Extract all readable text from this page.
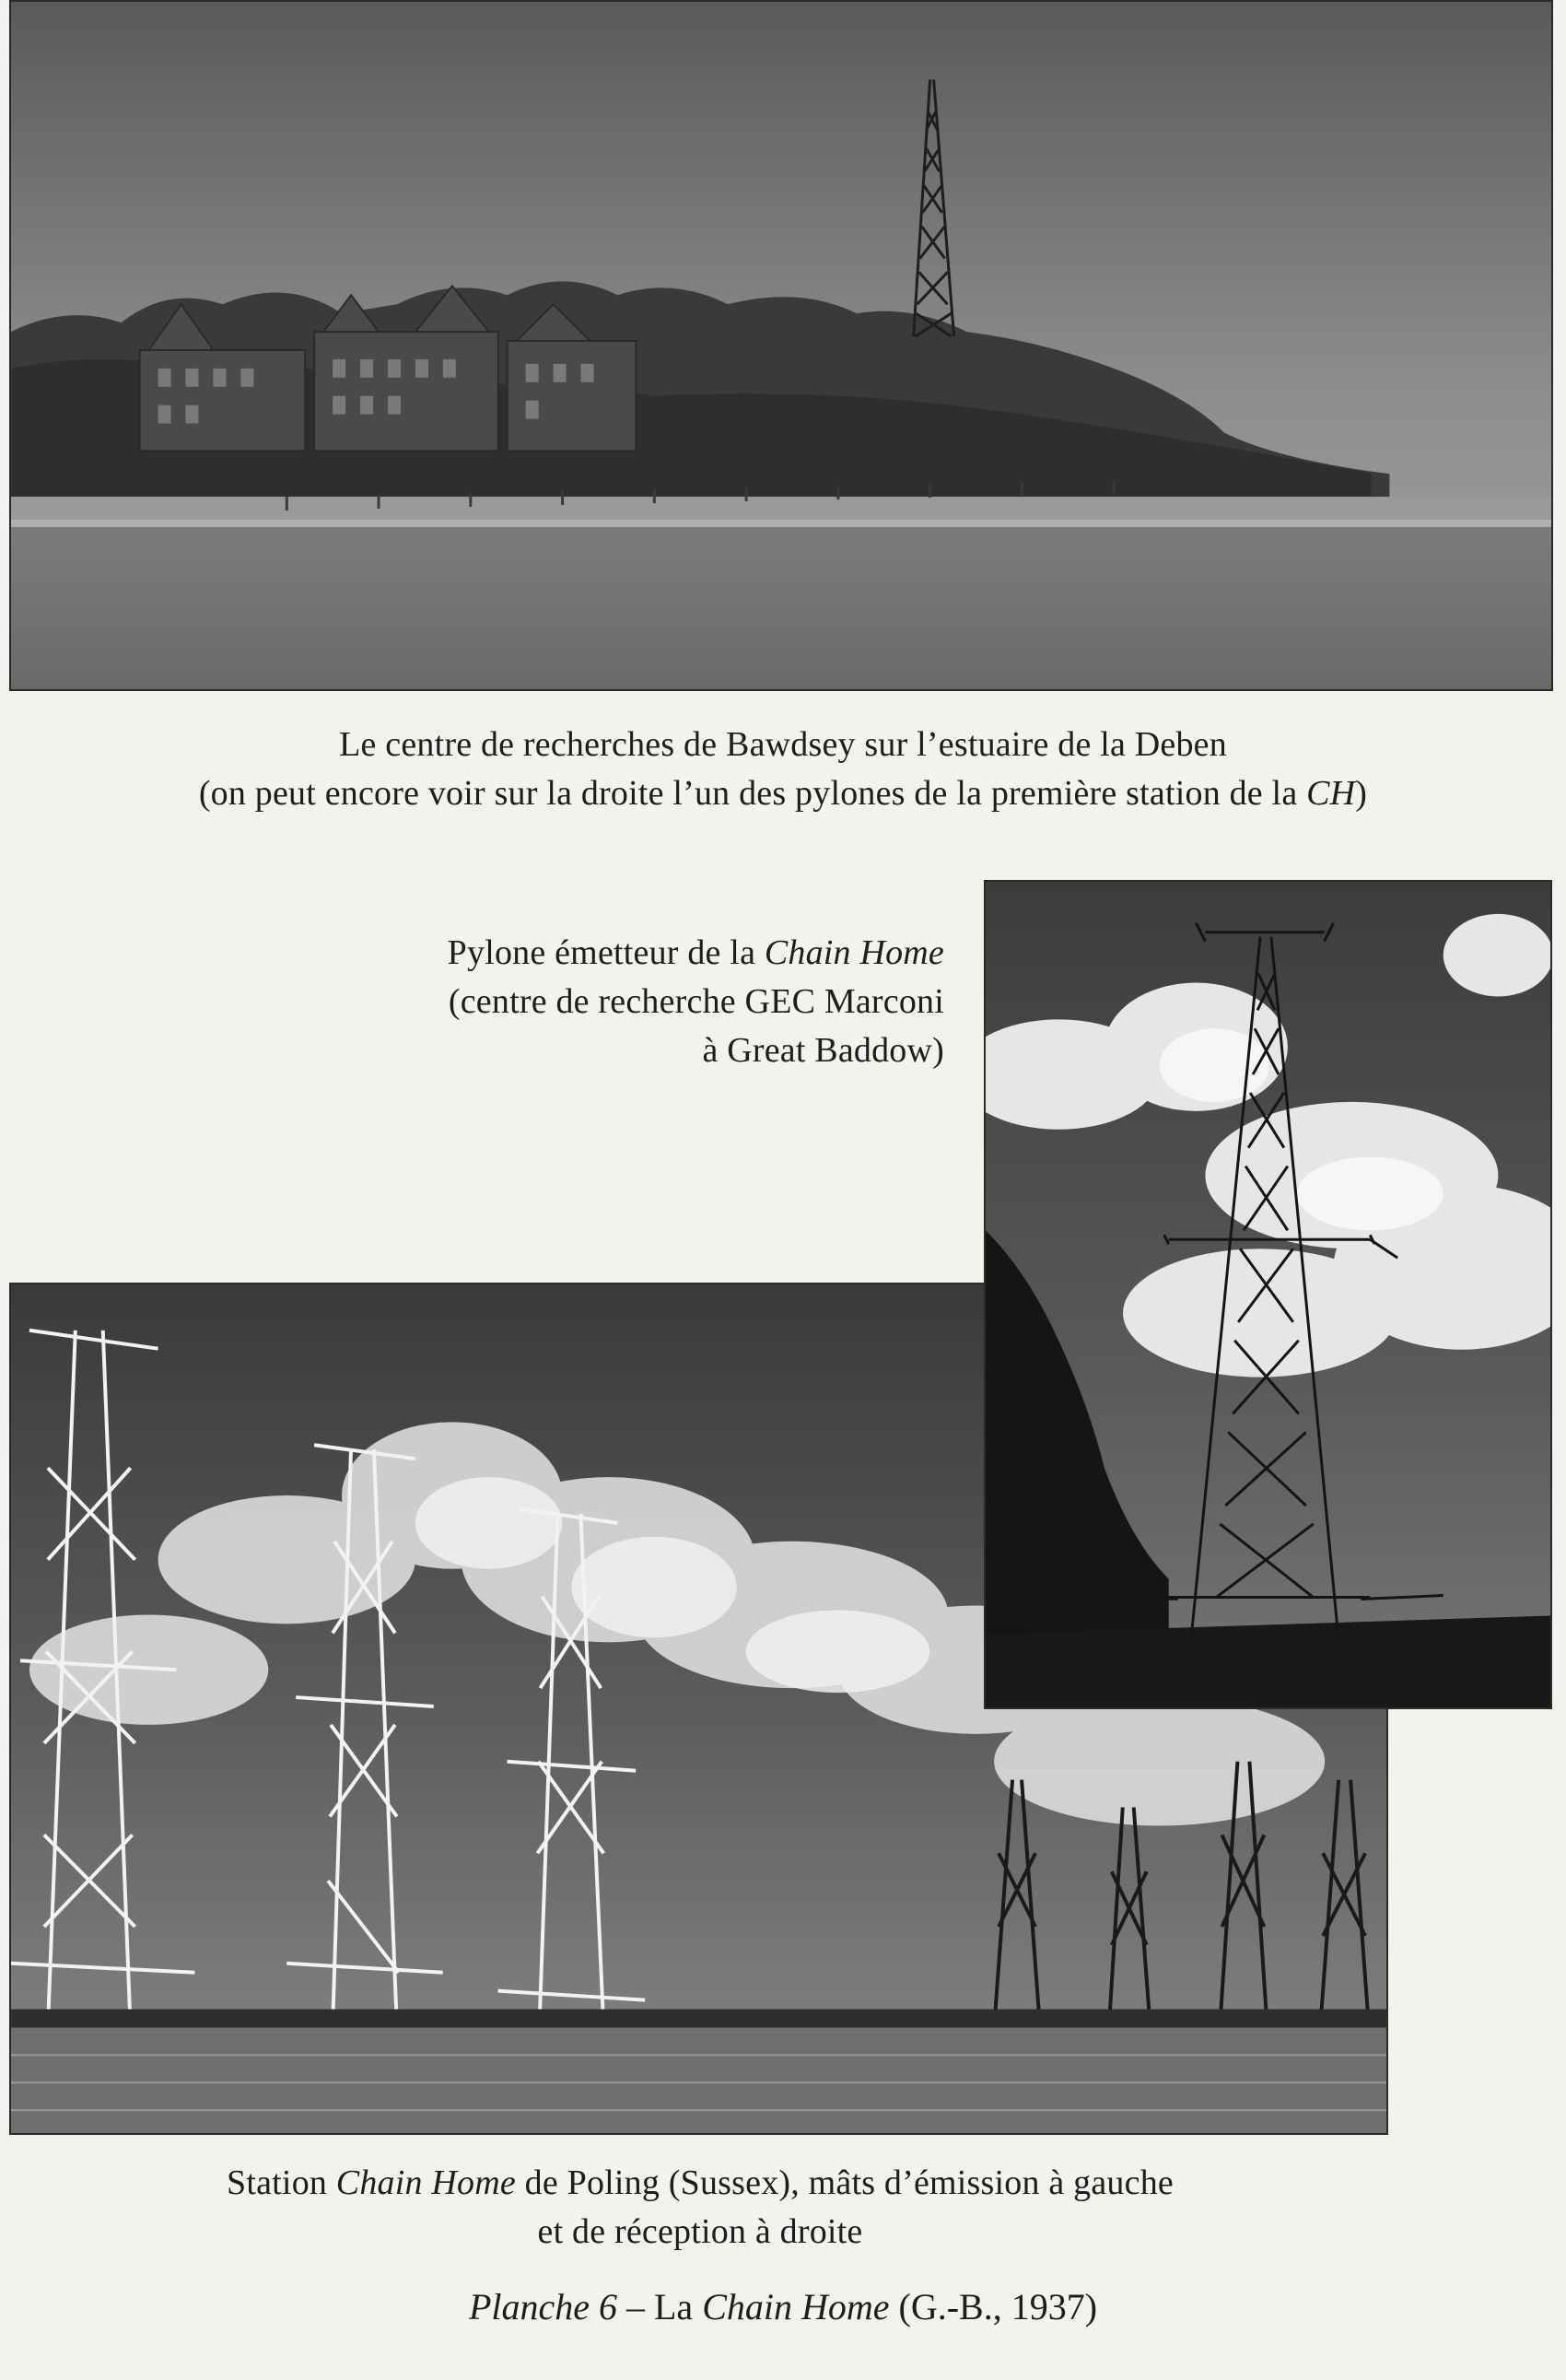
Le centre de recherches de Bawdsey sur l’estuaire de la Deben
(on peut encore voir sur la droite l’un des pylones de la première station de la CH)
Pylone émetteur de la Chain Home
(centre de recherche GEC Marconi
à Great Baddow)
Station Chain Home de Poling (Sussex), mâts d’émission à gauche
et de réception à droite
Planche 6 – La Chain Home (G.-B., 1937)
